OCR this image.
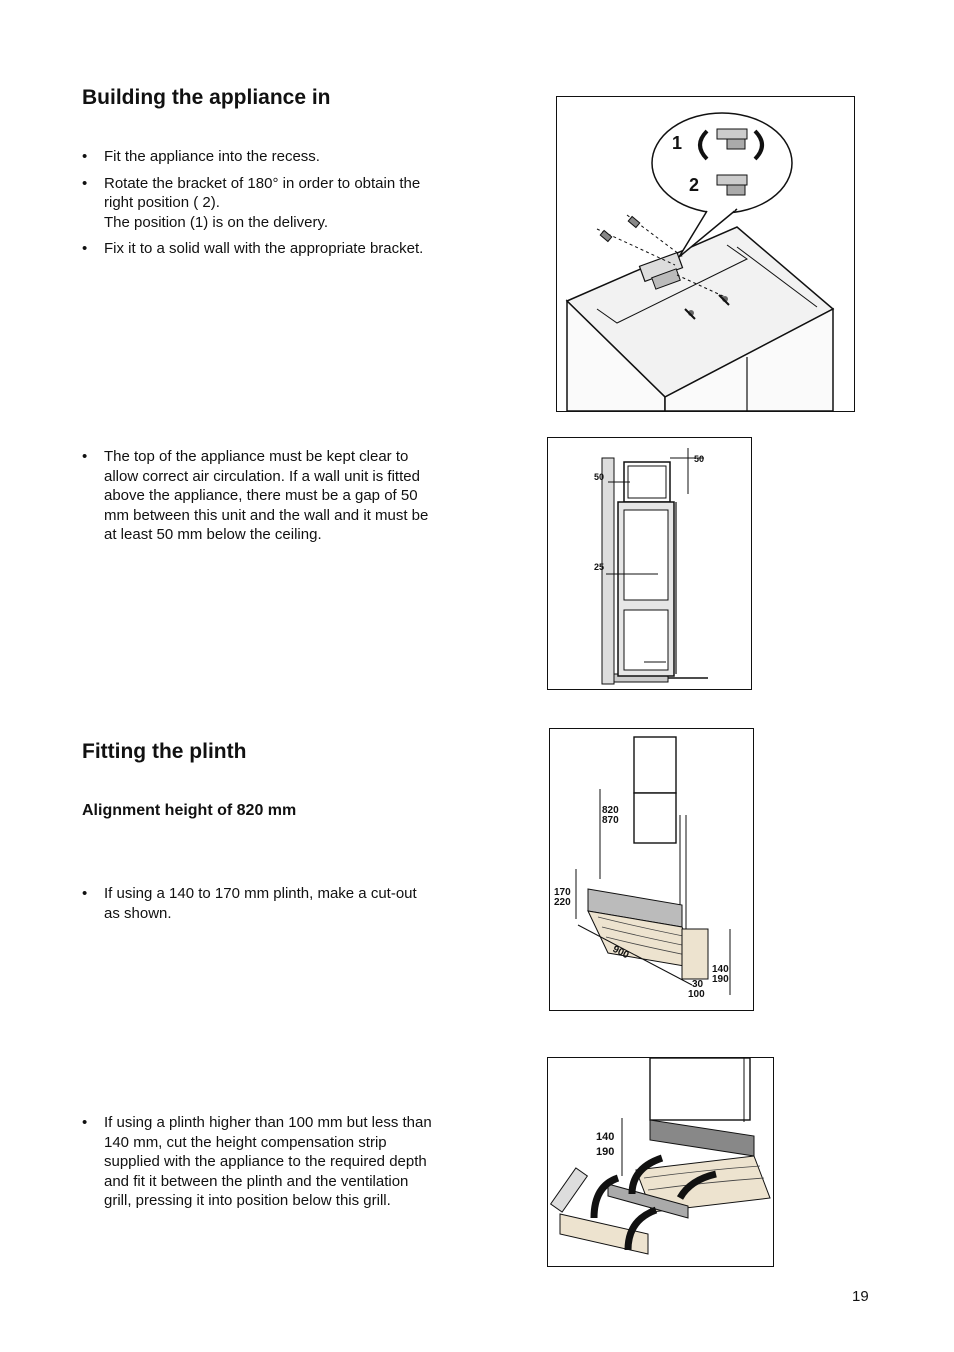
Building the appliance in
• Fit the appliance into the recess.
• Rotate the bracket of 180° in order to obtain the
right position ( 2).
The position (1) is on the delivery.
• Fix it to a solid wall with the appropriate bracket.
1
2
• The top of the appliance must be kept clear to
allow correct air circulation. If a wall unit is fitted
above the appliance, there must be a gap of 50
mm between this unit and the wall and it must be
at least 50 mm below the ceiling.
50
50
25
Fitting the plinth
Alignment height of 820 mm
• If using a 140 to 170 mm plinth, make a cut-out
as shown.
820
870
170
220
900
140
190
30
100
• If using a plinth higher than 100 mm but less than
140 mm, cut the height compensation strip
supplied with the appliance to the required depth
and fit it between the plinth and the ventilation
grill, pressing it into position below this grill.
140
190
19
